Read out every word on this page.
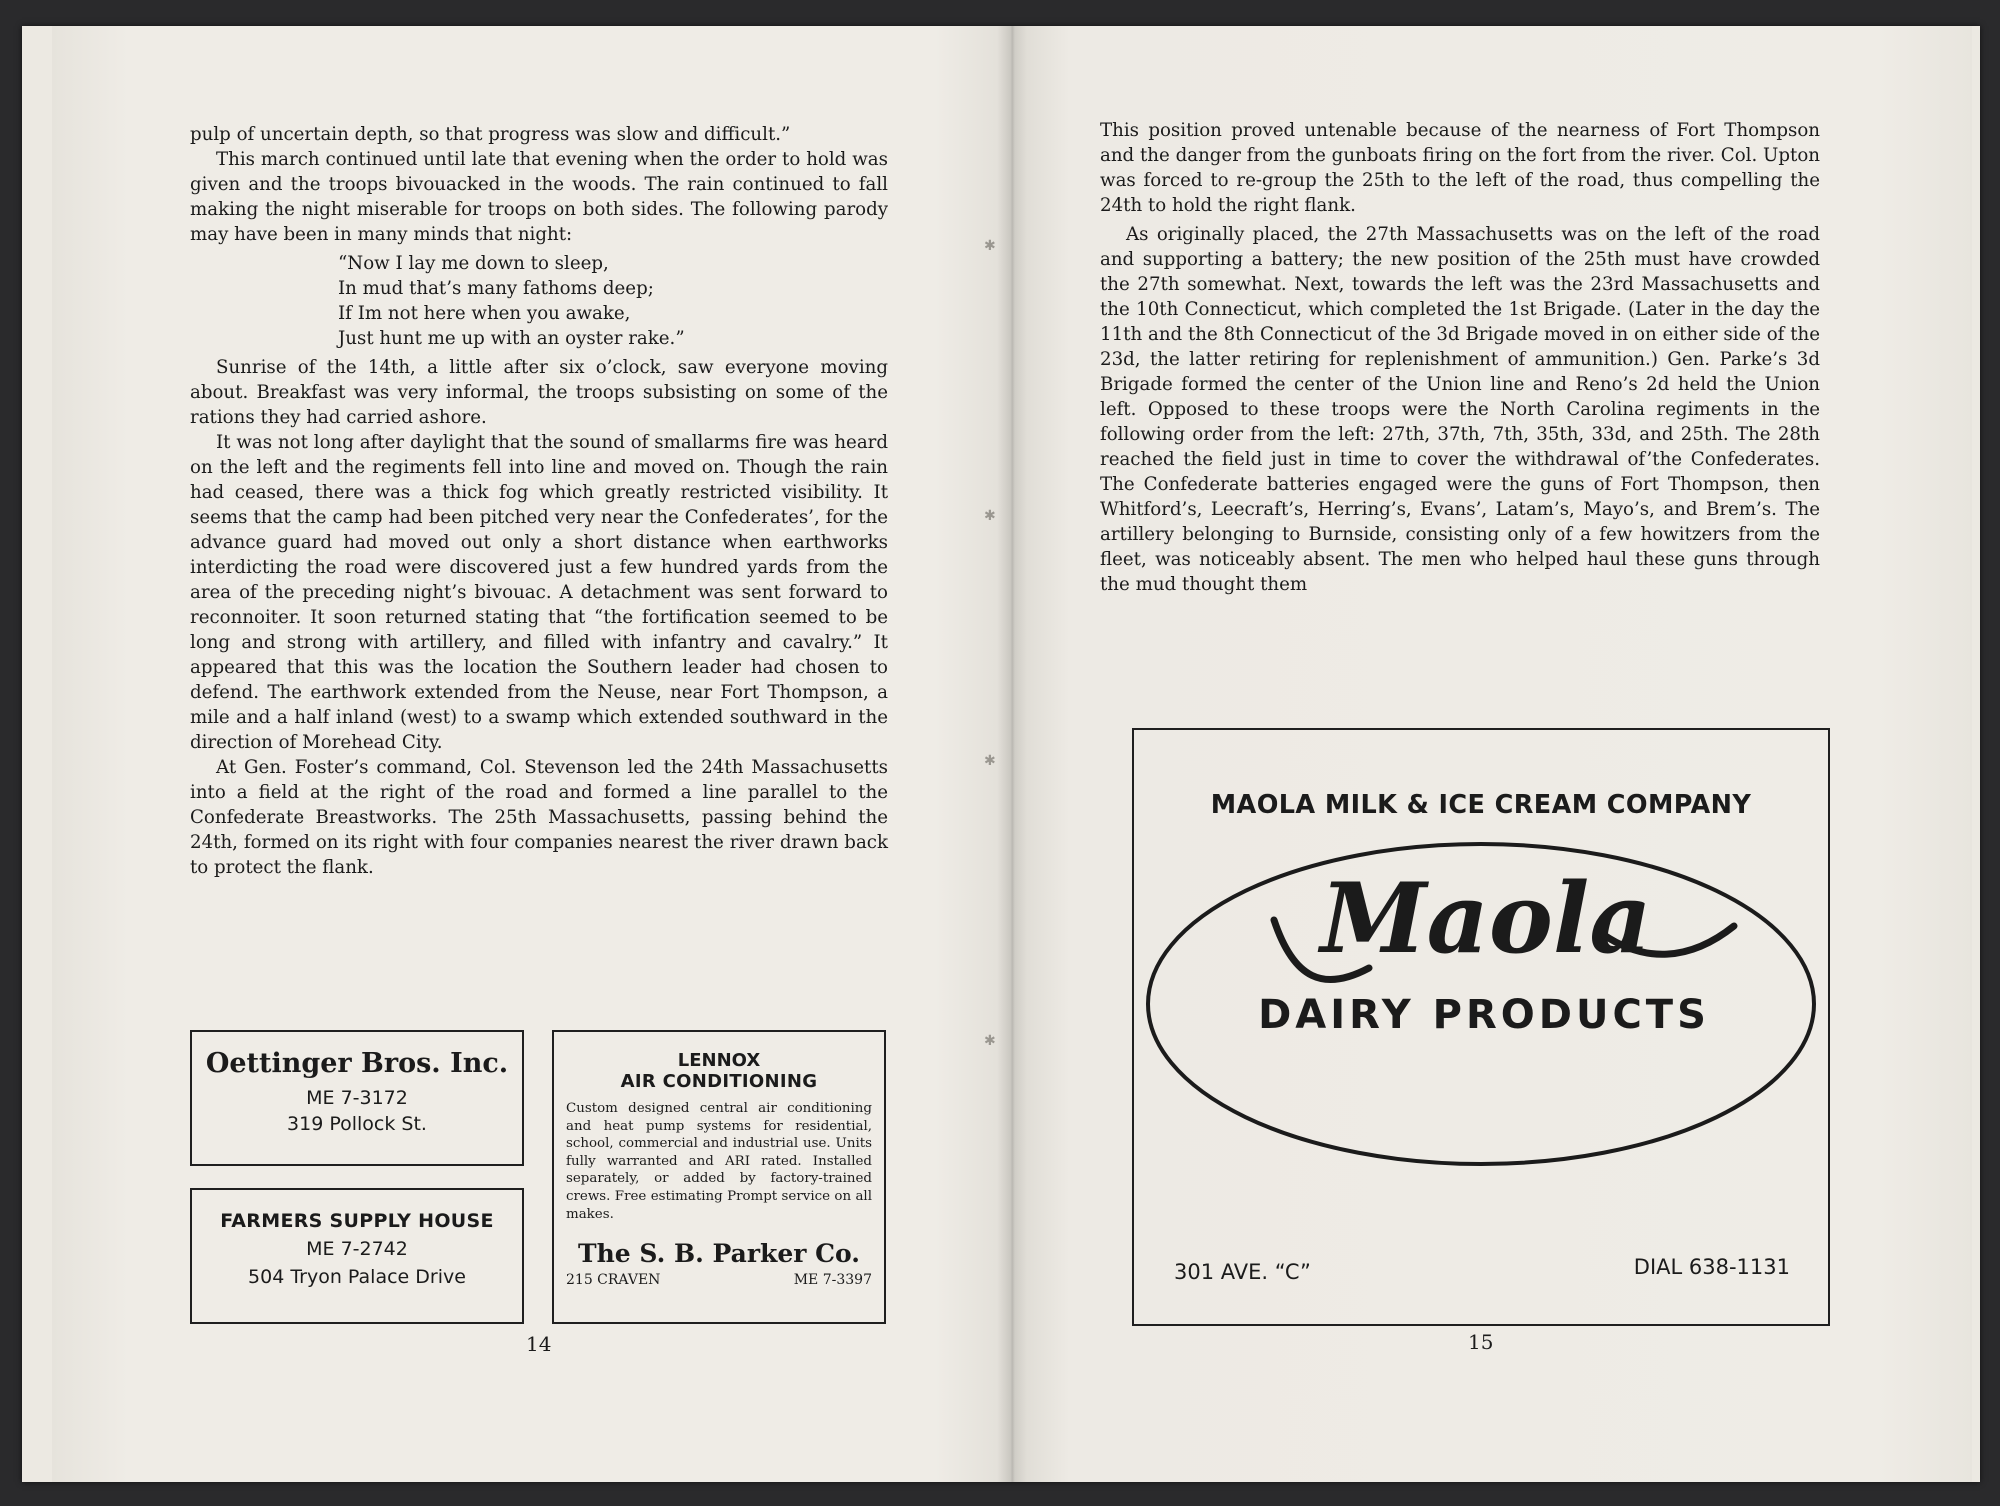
✱
✱
✱
✱

pulp of uncertain depth, so that progress was slow and difficult.”

This march continued until late that evening when the order to hold was given and the troops bivouacked in the woods. The rain continued to fall making the night miserable for troops on both sides. The following parody may have been in many minds that night:

“Now I lay me down to sleep,
In mud that’s many fathoms deep;
If Im not here when you awake,
Just hunt me up with an oyster rake.”

Sunrise of the 14th, a little after six o’clock, saw everyone moving about. Breakfast was very informal, the troops subsisting on some of the rations they had carried ashore.

It was not long after daylight that the sound of smallarms fire was heard on the left and the regiments fell into line and moved on. Though the rain had ceased, there was a thick fog which greatly restricted visibility. It seems that the camp had been pitched very near the Confederates’, for the advance guard had moved out only a short distance when earthworks interdicting the road were discovered just a few hundred yards from the area of the preceding night’s bivouac. A detachment was sent forward to reconnoiter. It soon returned stating that “the fortification seemed to be long and strong with artillery, and filled with infantry and cavalry.” It appeared that this was the location the Southern leader had chosen to defend. The earthwork extended from the Neuse, near Fort Thompson, a mile and a half inland (west) to a swamp which extended southward in the direction of Morehead City.

At Gen. Foster’s command, Col. Stevenson led the 24th Massachusetts into a field at the right of the road and formed a line parallel to the Confederate Breastworks. The 25th Massachusetts, passing behind the 24th, formed on its right with four companies nearest the river drawn back to protect the flank.

Oettinger Bros. Inc.
ME 7-3172
319 Pollock St.
FARMERS SUPPLY HOUSE
ME 7-2742
504 Tryon Palace Drive
LENNOX
AIR CONDITIONING
Custom designed central air conditioning and heat pump systems for residential, school, commercial and industrial use. Units fully warranted and ARI rated. Installed separately, or added by factory-trained crews. Free estimating Prompt service on all makes.
The S. B. Parker Co.
215 CRAVEN	ME 7-3397
14

This position proved untenable because of the nearness of Fort Thompson and the danger from the gunboats firing on the fort from the river. Col. Upton was forced to re-group the 25th to the left of the road, thus compelling the 24th to hold the right flank.

As originally placed, the 27th Massachusetts was on the left of the road and supporting a battery; the new position of the 25th must have crowded the 27th somewhat. Next, towards the left was the 23rd Massachusetts and the 10th Connecticut, which completed the 1st Brigade. (Later in the day the 11th and the 8th Connecticut of the 3d Brigade moved in on either side of the 23d, the latter retiring for replenishment of ammunition.) Gen. Parke’s 3d Brigade formed the center of the Union line and Reno’s 2d held the Union left. Opposed to these troops were the North Carolina regiments in the following order from the left: 27th, 37th, 7th, 35th, 33d, and 25th. The 28th reached the field just in time to cover the withdrawal of’the Confederates. The Confederate batteries engaged were the guns of Fort Thompson, then Whitford’s, Leecraft’s, Herring’s, Evans’, Latam’s, Mayo’s, and Brem’s. The artillery belonging to Burnside, consisting only of a few howitzers from the fleet, was noticeably absent. The men who helped haul these guns through the mud thought them

Maola
DAIRY PRODUCTS
MAOLA MILK & ICE CREAM COMPANY
301 AVE. “C”	DIAL 638-1131
15
